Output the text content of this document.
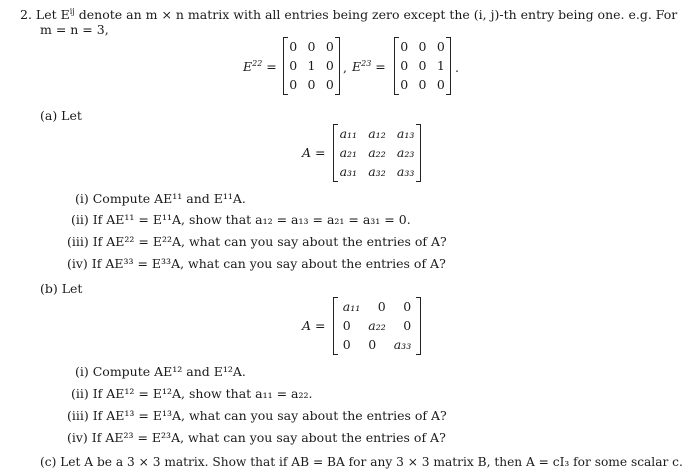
2. Let $E^{ij}$ denote an m × n matrix with all entries being zero except the (i, j)-th entry being one. e.g. For
m = n = 3,
$E^{22}$ =
0 0 0
0 1 0
0 0 0
, $E^{23}$ =
0 0 0
0 0 1
0 0 0
.
(a) Let
A =
a₁₁ a₁₂ a₁₃
a₂₁ a₂₂ a₂₃
a₃₁ a₃₂ a₃₃
(i) Compute AE¹¹ and E¹¹A.
(ii) If AE¹¹ = E¹¹A, show that a₁₂ = a₁₃ = a₂₁ = a₃₁ = 0.
(iii) If AE²² = E²²A, what can you say about the entries of A?
(iv) If AE³³ = E³³A, what can you say about the entries of A?
(b) Let
A =
a₁₁ 0 0
0 a₂₂ 0
0 0 a₃₃
(i) Compute AE¹² and E¹²A.
(ii) If AE¹² = E¹²A, show that a₁₁ = a₂₂.
(iii) If AE¹³ = E¹³A, what can you say about the entries of A?
(iv) If AE²³ = E²³A, what can you say about the entries of A?
(c) Let A be a 3 × 3 matrix. Show that if AB = BA for any 3 × 3 matrix B, then A = cI₃ for some scalar c.
